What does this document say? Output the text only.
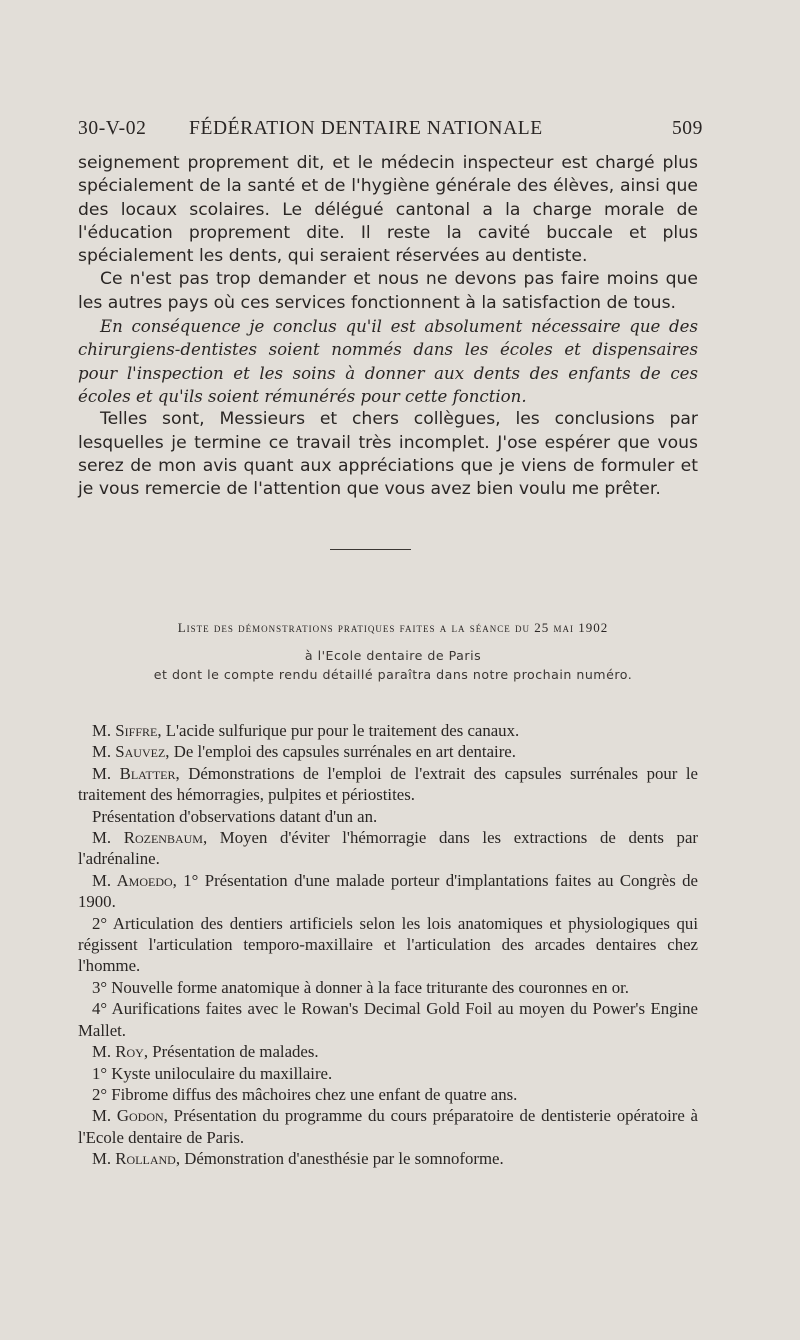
30-V-02 FÉDÉRATION DENTAIRE NATIONALE	509

seignement proprement dit, et le médecin inspecteur est chargé plus spécialement de la santé et de l'hygiène générale des élèves, ainsi que des locaux scolaires. Le délégué cantonal a la charge morale de l'éducation proprement dite. Il reste la cavité buccale et plus spécialement les dents, qui seraient réservées au dentiste.

Ce n'est pas trop demander et nous ne devons pas faire moins que les autres pays où ces services fonctionnent à la satisfaction de tous.

En conséquence je conclus qu'il est absolument nécessaire que des chirurgiens-dentistes soient nommés dans les écoles et dispensaires pour l'inspection et les soins à donner aux dents des enfants de ces écoles et qu'ils soient rémunérés pour cette fonction.

Telles sont, Messieurs et chers collègues, les conclusions par lesquelles je termine ce travail très incomplet. J'ose espérer que vous serez de mon avis quant aux appréciations que je viens de formuler et je vous remercie de l'attention que vous avez bien voulu me prêter.

Liste des démonstrations pratiques faites a la séance du 25 mai 1902
à l'Ecole dentaire de Paris
et dont le compte rendu détaillé paraîtra dans notre prochain numéro.

M. Siffre, L'acide sulfurique pur pour le traitement des canaux.

M. Sauvez, De l'emploi des capsules surrénales en art dentaire.

M. Blatter, Démonstrations de l'emploi de l'extrait des capsules surrénales pour le traitement des hémorragies, pulpites et périostites.

Présentation d'observations datant d'un an.

M. Rozenbaum, Moyen d'éviter l'hémorragie dans les extractions de dents par l'adrénaline.

M. Amoedo, 1° Présentation d'une malade porteur d'implantations faites au Congrès de 1900.

2° Articulation des dentiers artificiels selon les lois anatomiques et physiologiques qui régissent l'articulation temporo-maxillaire et l'articulation des arcades dentaires chez l'homme.

3° Nouvelle forme anatomique à donner à la face triturante des couronnes en or.

4° Aurifications faites avec le Rowan's Decimal Gold Foil au moyen du Power's Engine Mallet.

M. Roy, Présentation de malades.

1° Kyste uniloculaire du maxillaire.

2° Fibrome diffus des mâchoires chez une enfant de quatre ans.

M. Godon, Présentation du programme du cours préparatoire de dentisterie opératoire à l'Ecole dentaire de Paris.

M. Rolland, Démonstration d'anesthésie par le somnoforme.
